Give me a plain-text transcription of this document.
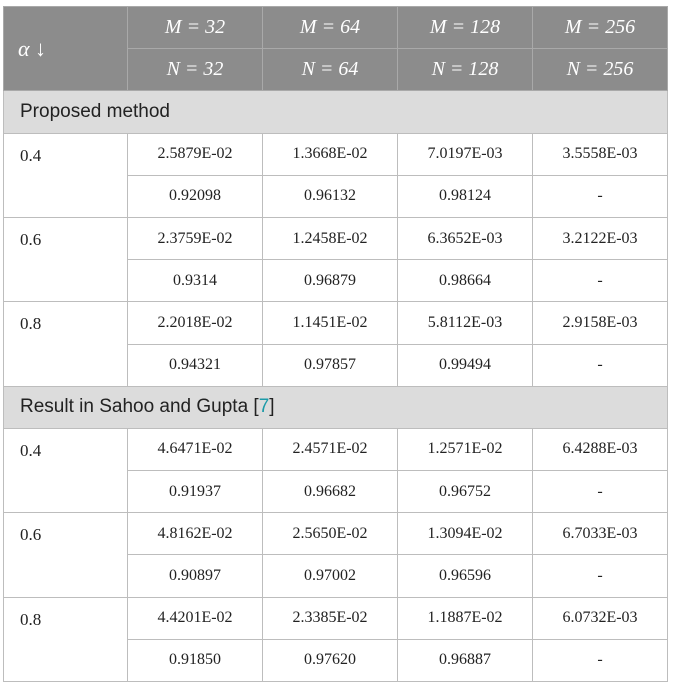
α ↓	M = 32	M = 64	M = 128	M = 256
	N = 32	N = 64	N = 128	N = 256
Proposed method				
0.4	2.5879E-02	1.3668E-02	7.0197E-03	3.5558E-03
	0.92098	0.96132	0.98124	-
0.6	2.3759E-02	1.2458E-02	6.3652E-03	3.2122E-03
	0.9314	0.96879	0.98664	-
0.8	2.2018E-02	1.1451E-02	5.8112E-03	2.9158E-03
	0.94321	0.97857	0.99494	-
Result in Sahoo and Gupta [7]				
0.4	4.6471E-02	2.4571E-02	1.2571E-02	6.4288E-03
	0.91937	0.96682	0.96752	-
0.6	4.8162E-02	2.5650E-02	1.3094E-02	6.7033E-03
	0.90897	0.97002	0.96596	-
0.8	4.4201E-02	2.3385E-02	1.1887E-02	6.0732E-03
	0.91850	0.97620	0.96887	-
